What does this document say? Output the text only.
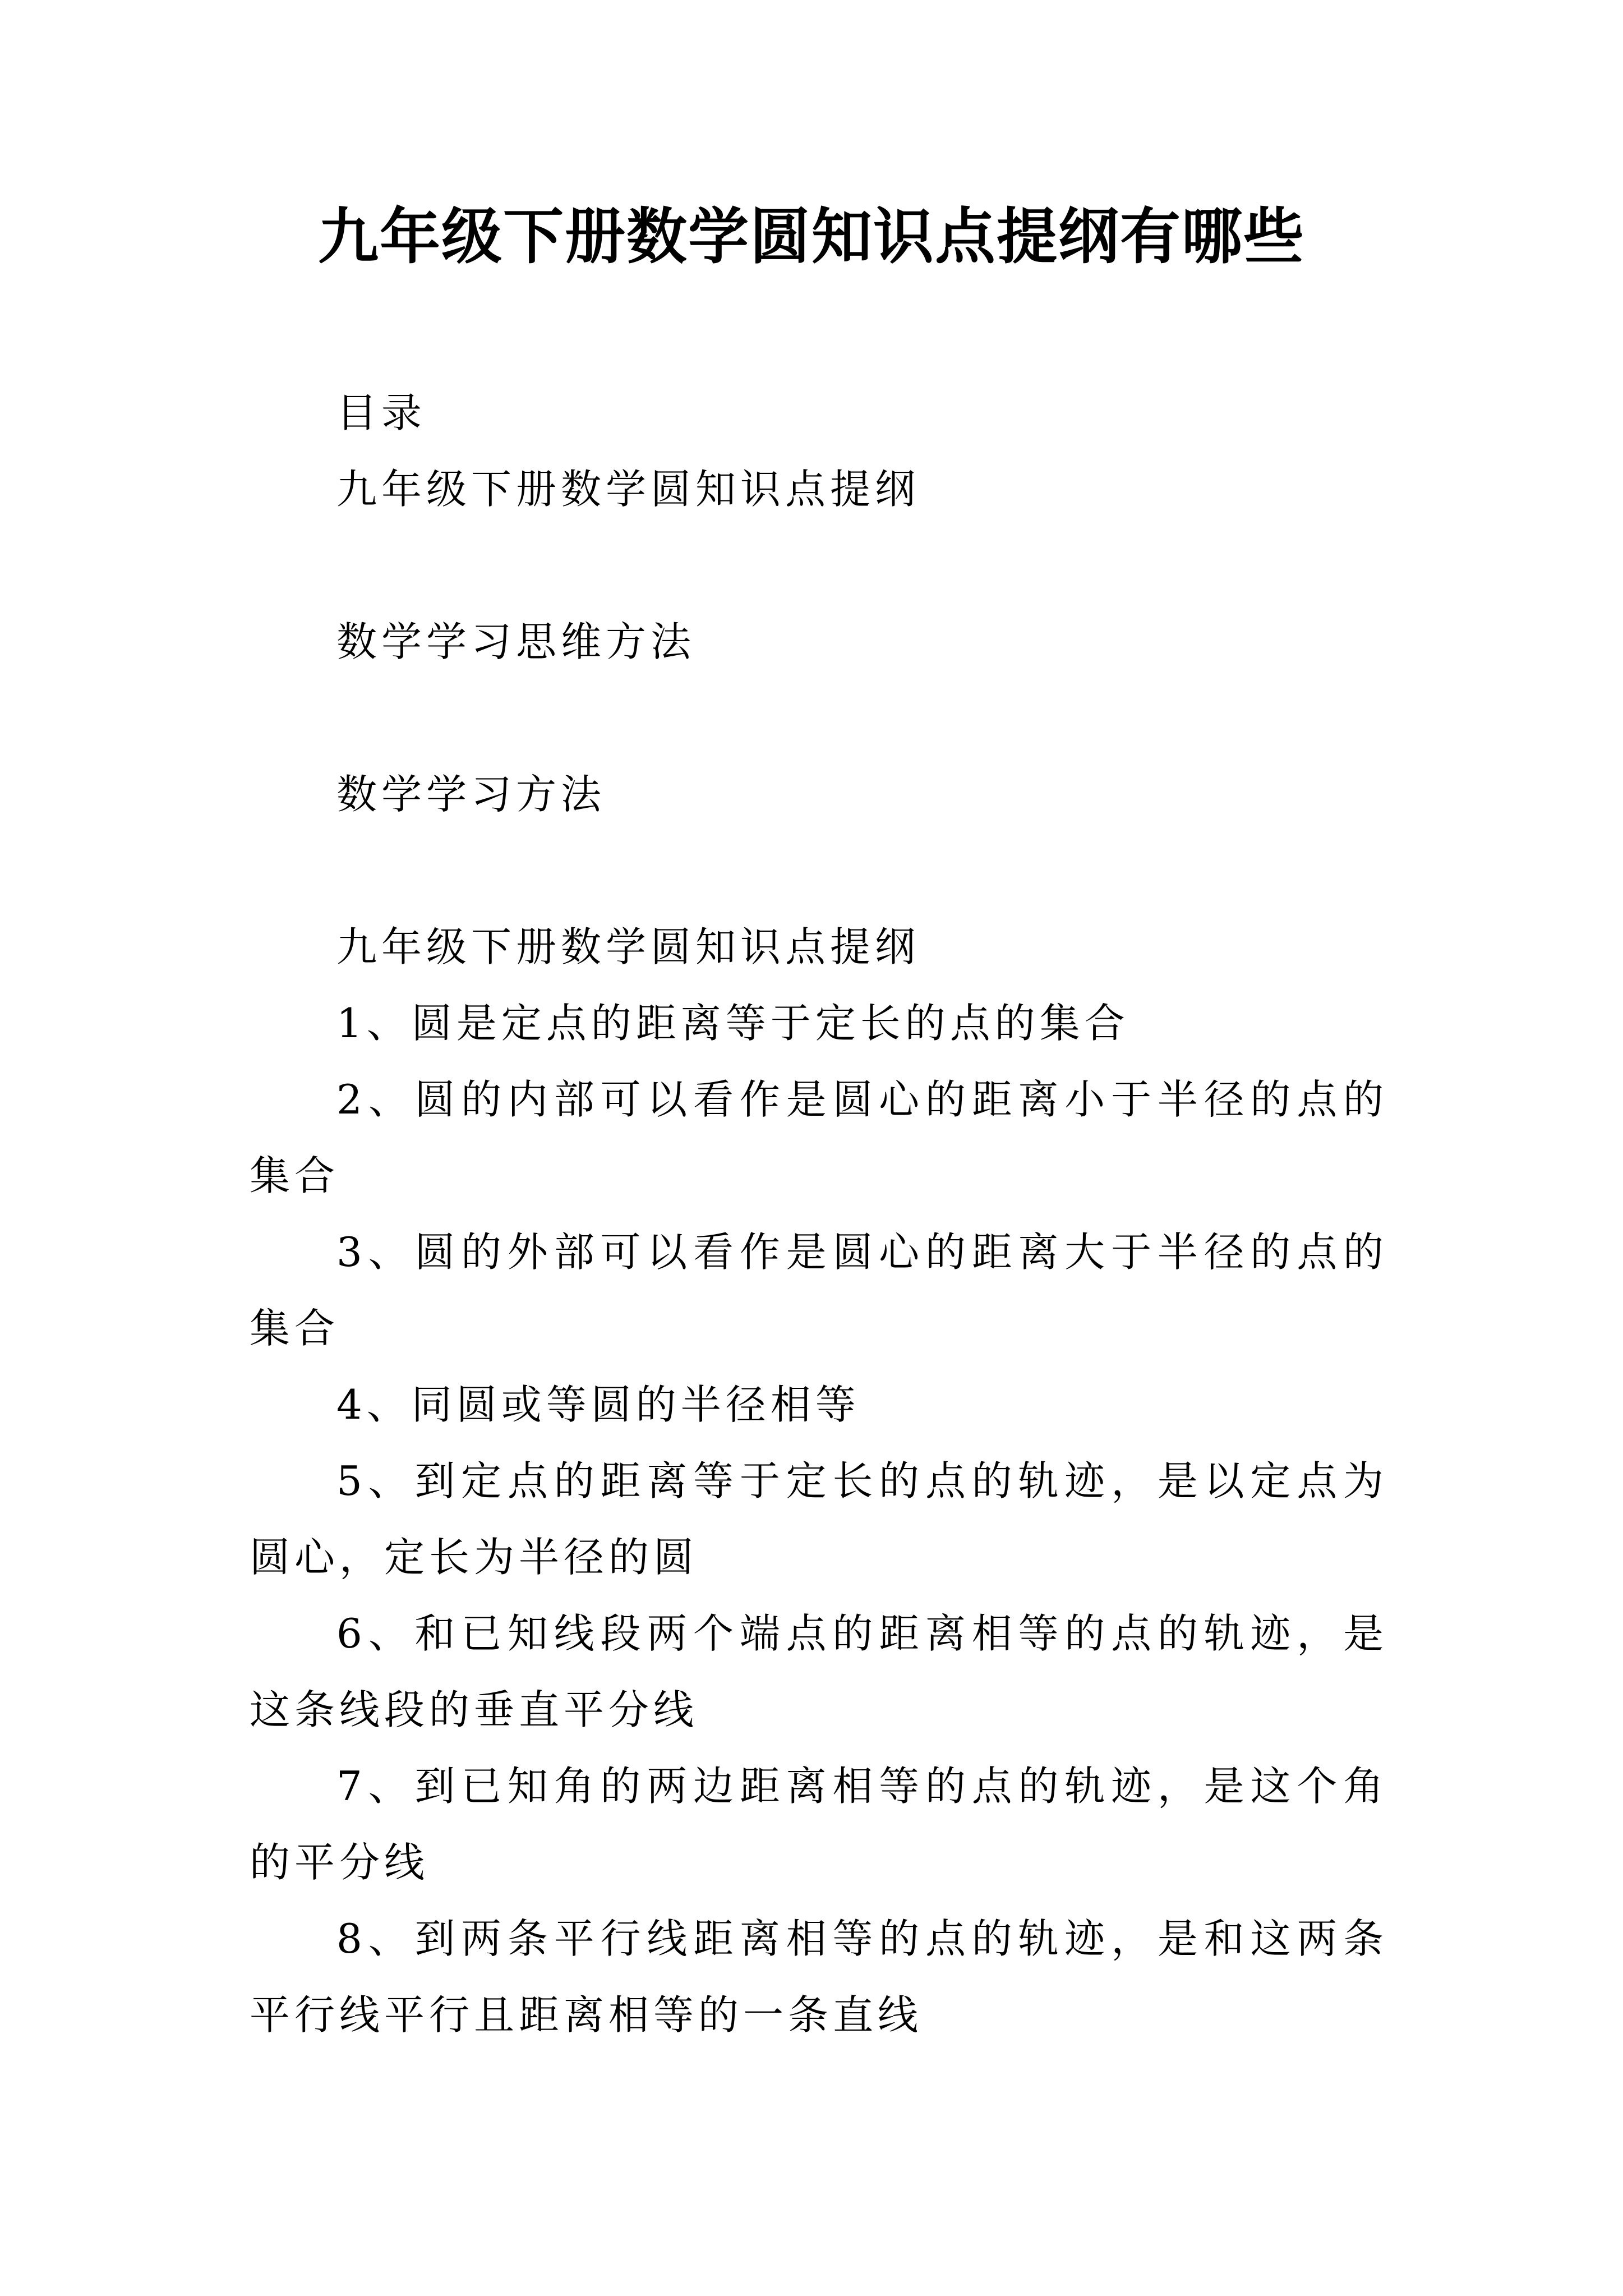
九年级下册数学圆知识点提纲有哪些

目录

九年级下册数学圆知识点提纲

数学学习思维方法

数学学习方法

九年级下册数学圆知识点提纲

1、圆是定点的距离等于定长的点的集合

2、圆的内部可以看作是圆心的距离小于半径的点的集合

3、圆的外部可以看作是圆心的距离大于半径的点的集合

4、同圆或等圆的半径相等

5、到定点的距离等于定长的点的轨迹，是以定点为圆心，定长为半径的圆

6、和已知线段两个端点的距离相等的点的轨迹，是这条线段的垂直平分线

7、到已知角的两边距离相等的点的轨迹，是这个角的平分线

8、到两条平行线距离相等的点的轨迹，是和这两条平行线平行且距离相等的一条直线
